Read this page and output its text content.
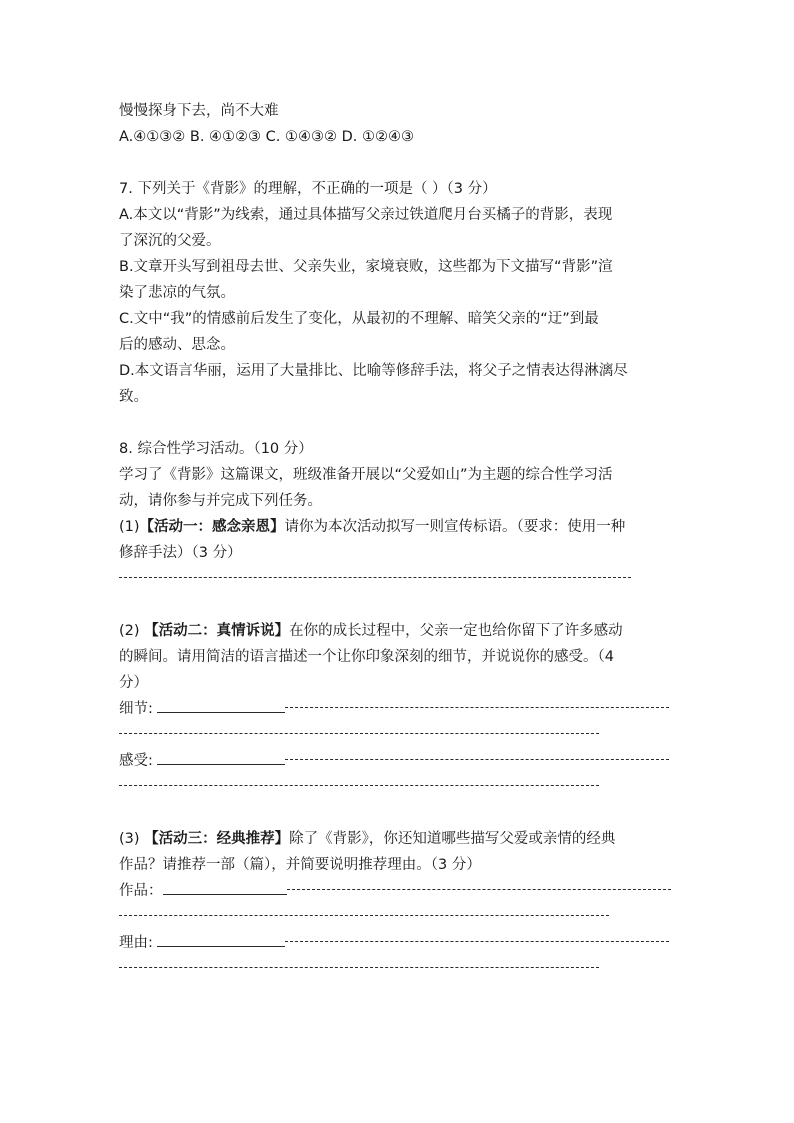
慢慢探身下去，尚不大难
A.④①③② B. ④①②③ C. ①④③② D. ①②④③
7. 下列关于《背影》的理解，不正确的一项是（ ）（3 分）
A.本文以“背影”为线索，通过具体描写父亲过铁道爬月台买橘子的背影，表现
了深沉的父爱。
B.文章开头写到祖母去世、父亲失业，家境衰败，这些都为下文描写“背影”渲
染了悲凉的气氛。
C.文中“我”的情感前后发生了变化，从最初的不理解、暗笑父亲的“迂”到最
后的感动、思念。
D.本文语言华丽，运用了大量排比、比喻等修辞手法，将父子之情表达得淋漓尽
致。
8. 综合性学习活动。（10 分）
学习了《背影》这篇课文，班级准备开展以“父爱如山”为主题的综合性学习活
动，请你参与并完成下列任务。
(1)【活动一：感念亲恩】请你为本次活动拟写一则宣传标语。（要求：使用一种
修辞手法）（3 分）
(2) 【活动二：真情诉说】在你的成长过程中，父亲一定也给你留下了许多感动
的瞬间。请用简洁的语言描述一个让你印象深刻的细节，并说说你的感受。（4
分）
细节:
感受:
(3) 【活动三：经典推荐】除了《背影》，你还知道哪些描写父爱或亲情的经典
作品？请推荐一部（篇），并简要说明推荐理由。（3 分）
作品：
理由:
